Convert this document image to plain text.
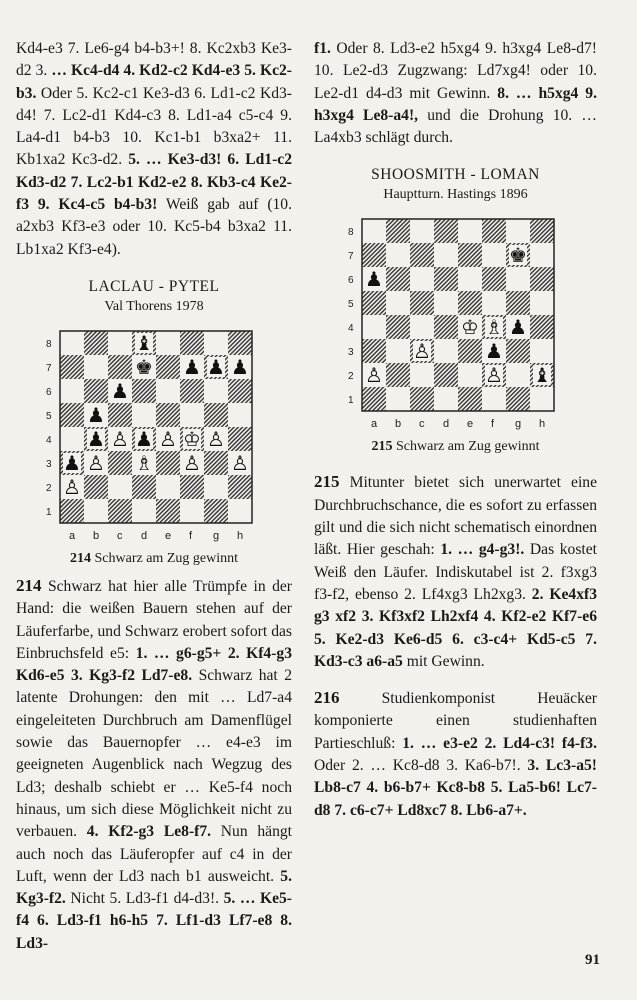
Kd4-e3 7. Le6-g4 b4-b3+! 8. Kc2xb3 Ke3-d2 3. … Kc4-d4 4. Kd2-c2 Kd4-e3 5. Kc2-b3. Oder 5. Kc2-c1 Ke3-d3 6. Ld1-c2 Kd3-d4! 7. Lc2-d1 Kd4-c3 8. Ld1-a4 c5-c4 9. La4-d1 b4-b3 10. Kc1-b1 b3xa2+ 11. Kb1xa2 Kc3-d2. 5. … Ke3-d3! 6. Ld1-c2 Kd3-d2 7. Lc2-b1 Kd2-e2 8. Kb3-c4 Ke2-f3 9. Kc4-c5 b4-b3! Weiß gab auf (10. a2xb3 Kf3-e3 oder 10. Kc5-b4 b3xa2 11. Lb1xa2 Kf3-e4).

LACLAU - PYTEL
Val Thorens 1978
8
7
6
5
4
3
2
1
a b c d e f g h
♝
♚ ♟ ♟ ♟
♟
♟
♟ ♙ ♟ ♙ ♔ ♙
♟ ♙ ♗ ♙ ♙
♙
214 Schwarz am Zug gewinnt

214 Schwarz hat hier alle Trümpfe in der Hand: die weißen Bauern stehen auf der Läuferfarbe, und Schwarz erobert sofort das Einbruchsfeld e5: 1. … g6-g5+ 2. Kf4-g3 Kd6-e5 3. Kg3-f2 Ld7-e8. Schwarz hat 2 latente Drohungen: den mit … Ld7-a4 eingeleiteten Durchbruch am Damenflügel sowie das Bauernopfer … e4-e3 im geeigneten Augenblick nach Wegzug des Ld3; deshalb schiebt er … Ke5-f4 noch hinaus, um sich diese Möglichkeit nicht zu verbauen. 4. Kf2-g3 Le8-f7. Nun hängt auch noch das Läuferopfer auf c4 in der Luft, wenn der Ld3 nach b1 ausweicht. 5. Kg3-f2. Nicht 5. Ld3-f1 d4-d3!. 5. … Ke5-f4 6. Ld3-f1 h6-h5 7. Lf1-d3 Lf7-e8 8. Ld3-

f1. Oder 8. Ld3-e2 h5xg4 9. h3xg4 Le8-d7! 10. Le2-d3 Zugzwang: Ld7xg4! oder 10. Le2-d1 d4-d3 mit Gewinn. 8. … h5xg4 9. h3xg4 Le8-a4!, und die Drohung 10. … La4xb3 schlägt durch.

SHOOSMITH - LOMAN
Hauptturn. Hastings 1896
8
7
6
5
4
3
2
1
a b c d e f g h
♚
♟
♔ ♗ ♟
♙	♟
♙	♙ ♝
215 Schwarz am Zug gewinnt

215 Mitunter bietet sich unerwartet eine Durchbruchschance, die es sofort zu erfassen gilt und die sich nicht schematisch einordnen läßt. Hier geschah: 1. … g4-g3!. Das kostet Weiß den Läufer. Indiskutabel ist 2. f3xg3 f3-f2, ebenso 2. Lf4xg3 Lh2xg3. 2. Ke4xf3 g3 xf2 3. Kf3xf2 Lh2xf4 4. Kf2-e2 Kf7-e6 5. Ke2-d3 Ke6-d5 6. c3-c4+ Kd5-c5 7. Kd3-c3 a6-a5 mit Gewinn.

216 Studienkomponist Heuäcker komponierte einen studienhaften Partieschluß: 1. … e3-e2 2. Ld4-c3! f4-f3. Oder 2. … Kc8-d8 3. Ka6-b7!. 3. Lc3-a5! Lb8-c7 4. b6-b7+ Kc8-b8 5. La5-b6! Lc7-d8 7. c6-c7+ Ld8xc7 8. Lb6-a7+.

91
